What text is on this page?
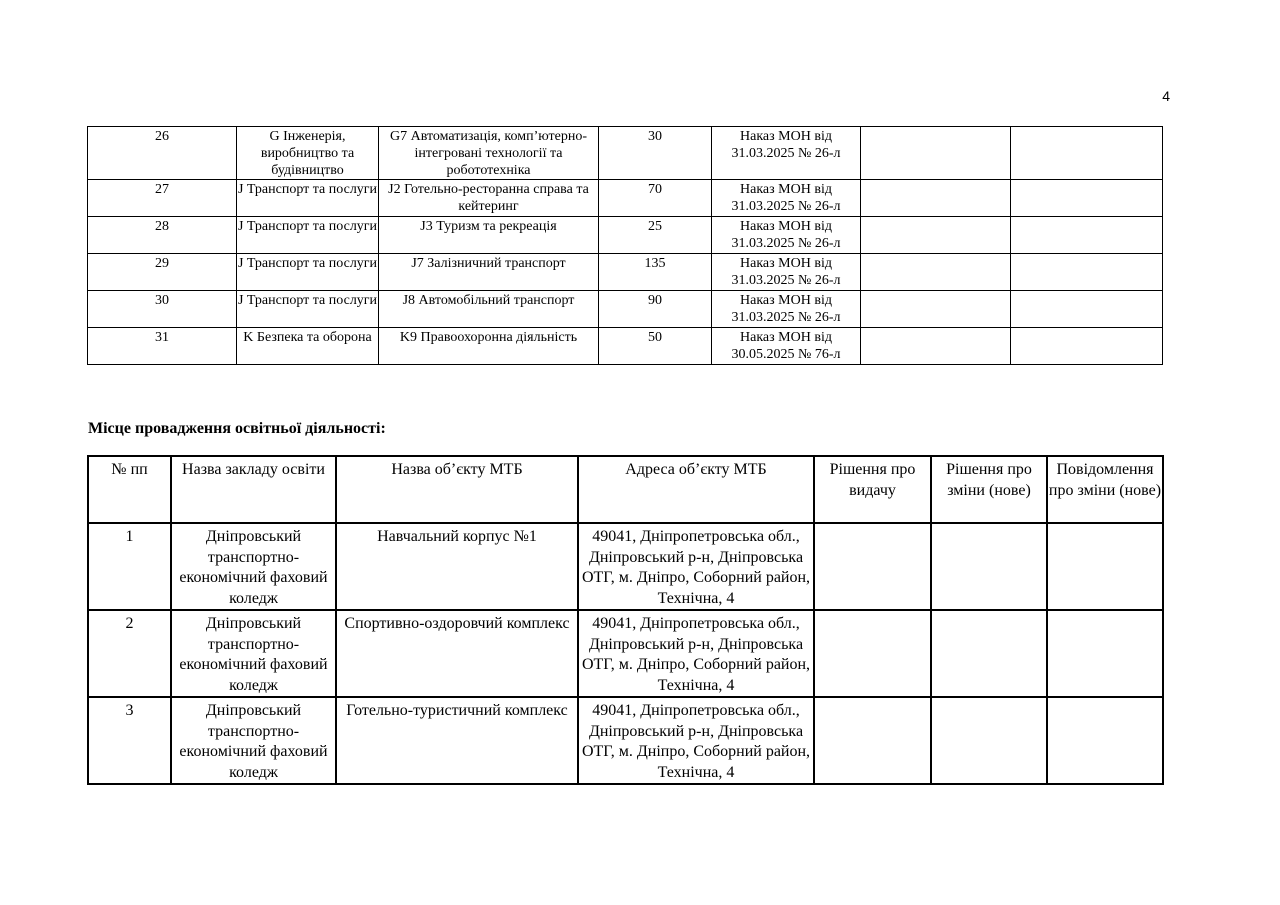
4
26	G Інженерія, виробництво та будівництво	G7 Автоматизація, комп’ютерно-інтегровані технології та робототехніка	30	Наказ МОН від 31.03.2025 № 26-л		
27	J Транспорт та послуги	J2 Готельно-ресторанна справа та кейтеринг	70	Наказ МОН від 31.03.2025 № 26-л		
28	J Транспорт та послуги	J3 Туризм та рекреація	25	Наказ МОН від 31.03.2025 № 26-л		
29	J Транспорт та послуги	J7 Залізничний транспорт	135	Наказ МОН від 31.03.2025 № 26-л		
30	J Транспорт та послуги	J8 Автомобільний транспорт	90	Наказ МОН від 31.03.2025 № 26-л		
31	K Безпека та оборона	K9 Правоохоронна діяльність	50	Наказ МОН від 30.05.2025 № 76-л		
Місце провадження освітньої діяльності:
№ пп	Назва закладу освіти	Назва об’єкту МТБ	Адреса об’єкту МТБ	Рішення про видачу	Рішення про зміни (нове)	Повідомлення про зміни (нове)
1	Дніпровський транспортно-економічний фаховий коледж	Навчальний корпус №1	49041, Дніпропетровська обл., Дніпровський р-н, Дніпровська ОТГ, м. Дніпро, Соборний район, Технічна, 4			
2	Дніпровський транспортно-економічний фаховий коледж	Спортивно-оздоровчий комплекс	49041, Дніпропетровська обл., Дніпровський р-н, Дніпровська ОТГ, м. Дніпро, Соборний район, Технічна, 4			
3	Дніпровський транспортно-економічний фаховий коледж	Готельно-туристичний комплекс	49041, Дніпропетровська обл., Дніпровський р-н, Дніпровська ОТГ, м. Дніпро, Соборний район, Технічна, 4			
